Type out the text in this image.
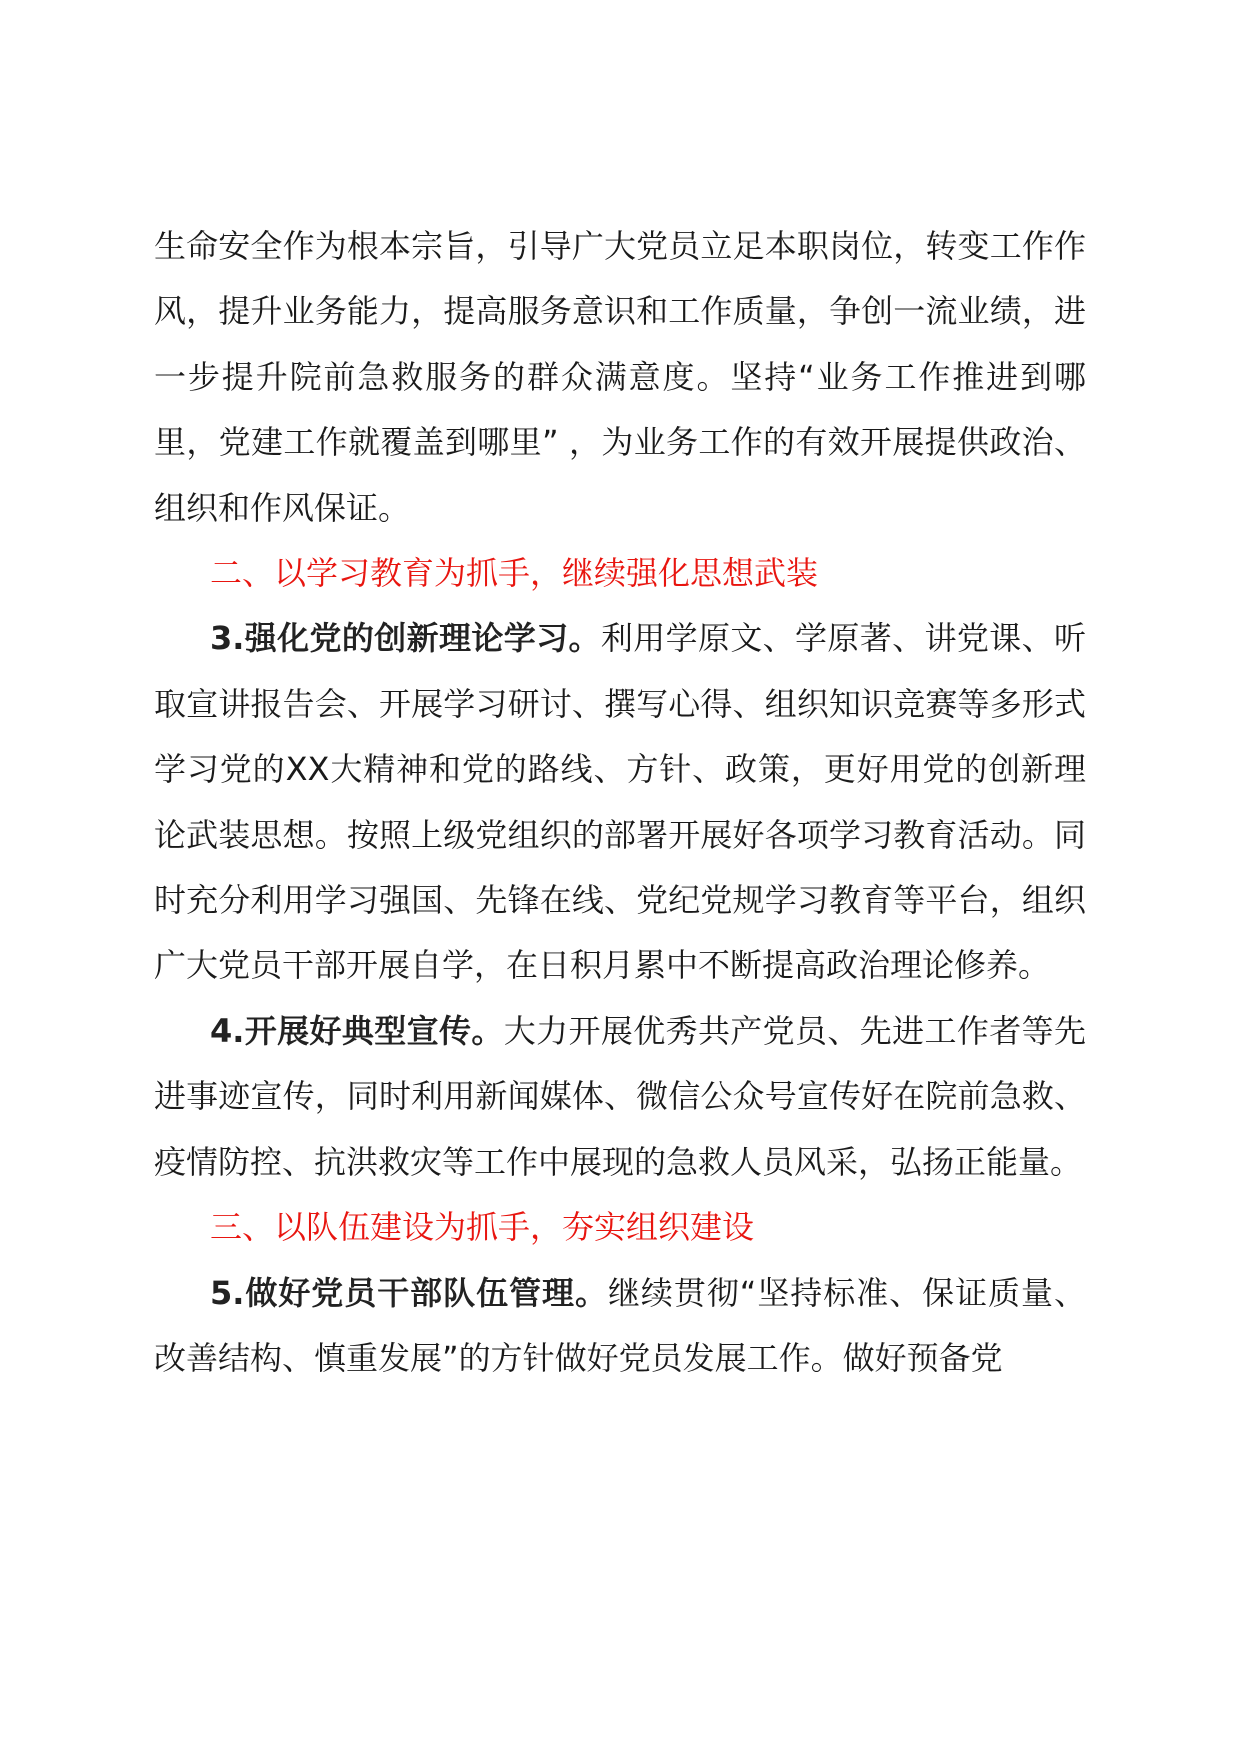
生命安全作为根本宗旨，引导广大党员立足本职岗位，转变工作作风，提升业务能力，提高服务意识和工作质量，争创一流业绩，进一步提升院前急救服务的群众满意度。坚持“业务工作推进到哪里，党建工作就覆盖到哪里” ，为业务工作的有效开展提供政治、组织和作风保证。

二、以学习教育为抓手，继续强化思想武装

3.强化党的创新理论学习。利用学原文、学原著、讲党课、听取宣讲报告会、开展学习研讨、撰写心得、组织知识竞赛等多形式学习党的XX大精神和党的路线、方针、政策，更好用党的创新理论武装思想。按照上级党组织的部署开展好各项学习教育活动。同时充分利用学习强国、先锋在线、党纪党规学习教育等平台，组织广大党员干部开展自学，在日积月累中不断提高政治理论修养。

4.开展好典型宣传。大力开展优秀共产党员、先进工作者等先进事迹宣传，同时利用新闻媒体、微信公众号宣传好在院前急救、疫情防控、抗洪救灾等工作中展现的急救人员风采，弘扬正能量。

三、以队伍建设为抓手，夯实组织建设

5.做好党员干部队伍管理。继续贯彻“坚持标准、保证质量、改善结构、慎重发展”的方针做好党员发展工作。做好预备党
